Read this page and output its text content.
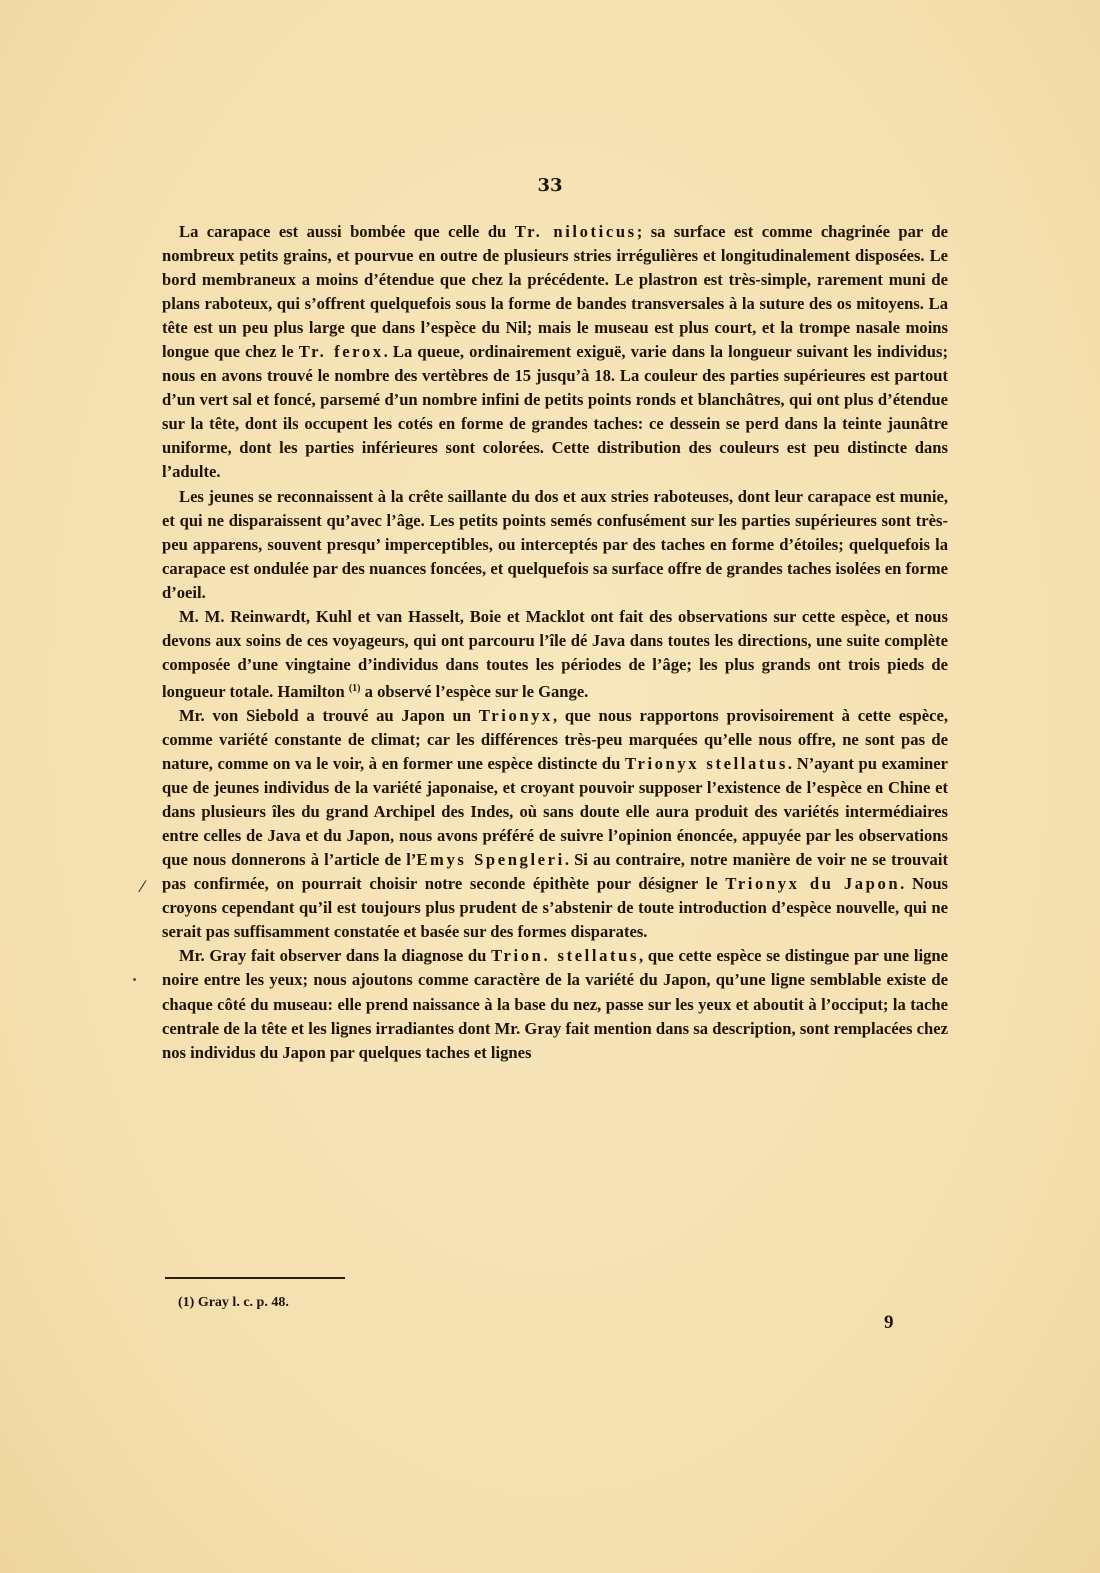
33
⁄

La carapace est aussi bombée que celle du Tr. niloticus; sa surface est comme chagrinée par de nombreux petits grains, et pourvue en outre de plusieurs stries irrégulières et longitudinalement disposées. Le bord membraneux a moins d’étendue que chez la précédente. Le plastron est très-simple, rarement muni de plans raboteux, qui s’offrent quelquefois sous la forme de bandes transversales à la suture des os mitoyens. La tête est un peu plus large que dans l’espèce du Nil; mais le museau est plus court, et la trompe nasale moins longue que chez le Tr. ferox. La queue, ordinairement exiguë, varie dans la longueur suivant les individus; nous en avons trouvé le nombre des vertèbres de 15 jusqu’à 18. La couleur des parties supérieures est partout d’un vert sal et foncé, parsemé d’un nombre infini de petits points ronds et blanchâtres, qui ont plus d’étendue sur la tête, dont ils occupent les cotés en forme de grandes taches: ce dessein se perd dans la teinte jaunâtre uniforme, dont les parties inférieures sont colorées. Cette distribution des couleurs est peu distincte dans l’adulte.

Les jeunes se reconnaissent à la crête saillante du dos et aux stries raboteuses, dont leur carapace est munie, et qui ne disparaissent qu’avec l’âge. Les petits points semés confusément sur les parties supérieures sont très-peu apparens, souvent presqu’ imperceptibles, ou interceptés par des taches en forme d’étoiles; quelquefois la carapace est ondulée par des nuances foncées, et quelquefois sa surface offre de grandes taches isolées en forme d’oeil.

M. M. Reinwardt, Kuhl et van Hasselt, Boie et Macklot ont fait des observations sur cette espèce, et nous devons aux soins de ces voyageurs, qui ont parcouru l’île dé Java dans toutes les directions, une suite complète composée d’une vingtaine d’individus dans toutes les périodes de l’âge; les plus grands ont trois pieds de longueur totale. Hamilton $^{(1)}$ a observé l’espèce sur le Gange.

Mr. von Siebold a trouvé au Japon un Trionyx, que nous rapportons provisoirement à cette espèce, comme variété constante de climat; car les différences très-peu marquées qu’elle nous offre, ne sont pas de nature, comme on va le voir, à en former une espèce distincte du Trionyx stellatus. N’ayant pu examiner que de jeunes individus de la variété japonaise, et croyant pouvoir supposer l’existence de l’espèce en Chine et dans plusieurs îles du grand Archipel des Indes, où sans doute elle aura produit des variétés intermédiaires entre celles de Java et du Japon, nous avons préféré de suivre l’opinion énoncée, appuyée par les observations que nous donnerons à l’article de l’Emys Spengleri. Si au contraire, notre manière de voir ne se trouvait pas confirmée, on pourrait choisir notre seconde épithète pour désigner le Trionyx du Japon. Nous croyons cependant qu’il est toujours plus prudent de s’abstenir de toute introduction d’espèce nouvelle, qui ne serait pas suffisamment constatée et basée sur des formes disparates.

Mr. Gray fait observer dans la diagnose du Trion. stellatus, que cette espèce se distingue par une ligne noire entre les yeux; nous ajoutons comme caractère de la variété du Japon, qu’une ligne semblable existe de chaque côté du museau: elle prend naissance à la base du nez, passe sur les yeux et aboutit à l’occiput; la tache centrale de la tête et les lignes irradiantes dont Mr. Gray fait mention dans sa description, sont remplacées chez nos individus du Japon par quelques taches et lignes

(1) Gray l. c. p. 48.
9
